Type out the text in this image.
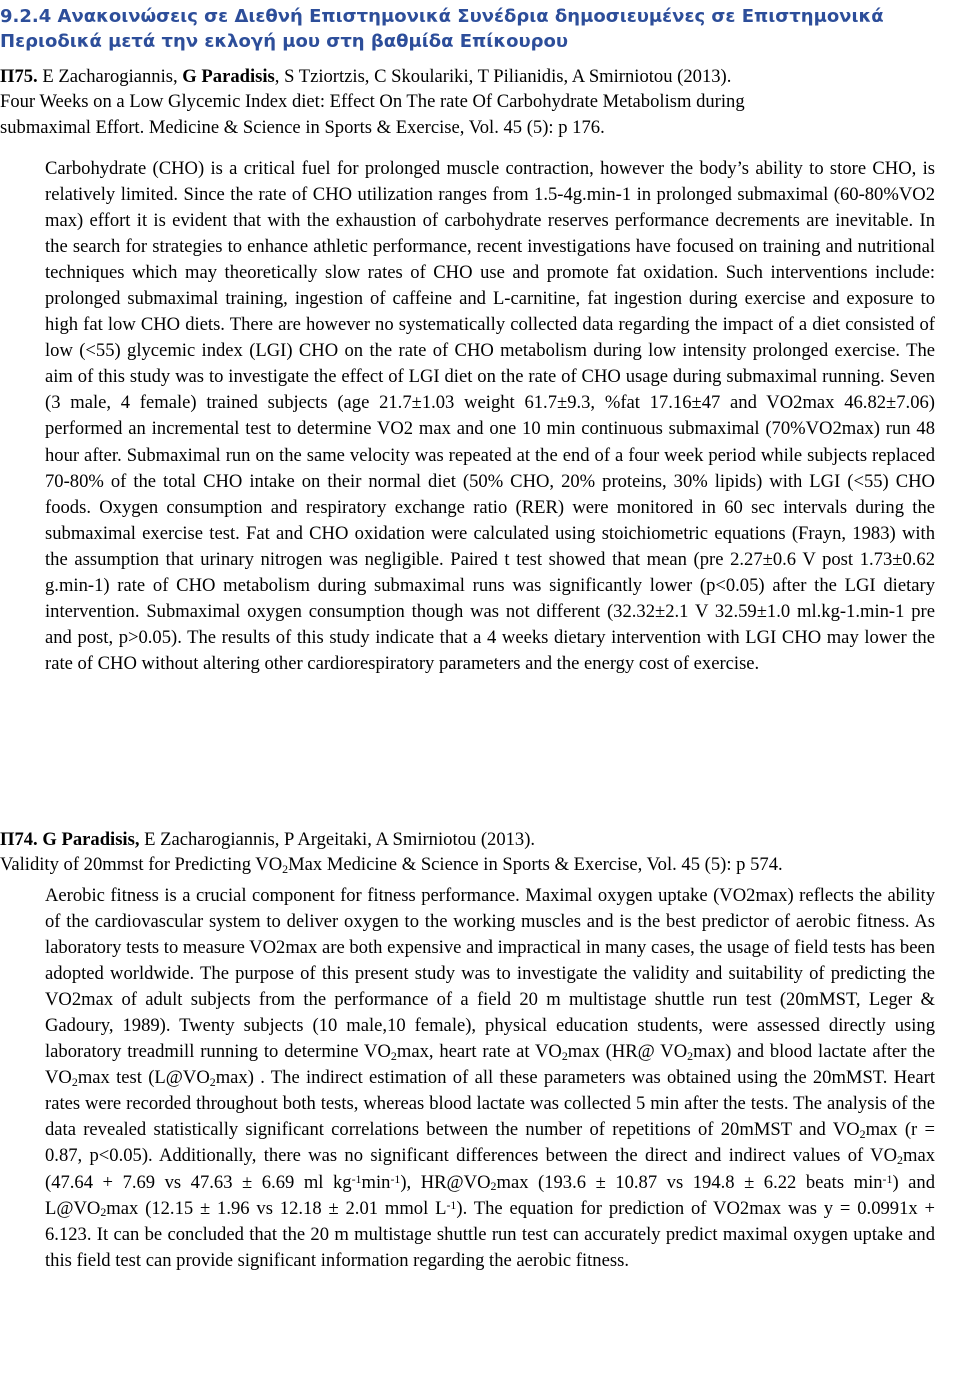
9.2.4 Ανακοινώσεις σε Διεθνή Επιστημονικά Συνέδρια δημοσιευμένες σε Επιστημονικά Περιοδικά μετά την εκλογή μου στη βαθμίδα Επίκουρου
Π75. E Zacharogiannis, G Paradisis, S Tziortzis, C Skoulariki, T Pilianidis, A Smirniotou (2013).
Four Weeks on a Low Glycemic Index diet: Effect On The rate Of Carbohydrate Metabolism during
submaximal Effort. Medicine & Science in Sports & Exercise, Vol. 45 (5): p 176.

Carbohydrate (CHO) is a critical fuel for prolonged muscle contraction, however the body’s ability to store CHO, is relatively limited. Since the rate of CHO utilization ranges from 1.5-4g.min-1 in prolonged submaximal (60-80%VO2 max) effort it is evident that with the exhaustion of carbohydrate reserves performance decrements are inevitable. In the search for strategies to enhance athletic performance, recent investigations have focused on training and nutritional techniques which may theoretically slow rates of CHO use and promote fat oxidation. Such interventions include: prolonged submaximal training, ingestion of caffeine and L-carnitine, fat ingestion during exercise and exposure to high fat low CHO diets. There are however no systematically collected data regarding the impact of a diet consisted of low (<55) glycemic index (LGI) CHO on the rate of CHO metabolism during low intensity prolonged exercise. The aim of this study was to investigate the effect of LGI diet on the rate of CHO usage during submaximal running. Seven (3 male, 4 female) trained subjects (age 21.7±1.03 weight 61.7±9.3, %fat 17.16±47 and VO2max 46.82±7.06) performed an incremental test to determine VO2 max and one 10 min continuous submaximal (70%VO2max) run 48 hour after. Submaximal run on the same velocity was repeated at the end of a four week period while subjects replaced 70-80% of the total CHO intake on their normal diet (50% CHO, 20% proteins, 30% lipids) with LGI (<55) CHO foods. Oxygen consumption and respiratory exchange ratio (RER) were monitored in 60 sec intervals during the submaximal exercise test. Fat and CHO oxidation were calculated using stoichiometric equations (Frayn, 1983) with the assumption that urinary nitrogen was negligible. Paired t test showed that mean (pre 2.27±0.6 V post 1.73±0.62 g.min-1) rate of CHO metabolism during submaximal runs was significantly lower (p<0.05) after the LGI dietary intervention. Submaximal oxygen consumption though was not different (32.32±2.1 V 32.59±1.0 ml.kg-1.min-1 pre and post, p>0.05). The results of this study indicate that a 4 weeks dietary intervention with LGI CHO may lower the rate of CHO without altering other cardiorespiratory parameters and the energy cost of exercise.

Π74. G Paradisis, E Zacharogiannis, P Argeitaki, A Smirniotou (2013).
Validity of 20mmst for Predicting $VO_2Max$ Medicine & Science in Sports & Exercise, Vol. 45 (5): p 574.

Aerobic fitness is a crucial component for fitness performance. Maximal oxygen uptake (VO2max) reflects the ability of the cardiovascular system to deliver oxygen to the working muscles and is the best predictor of aerobic fitness. As laboratory tests to measure VO2max are both expensive and impractical in many cases, the usage of field tests has been adopted worldwide. The purpose of this present study was to investigate the validity and suitability of predicting the VO2max of adult subjects from the performance of a field 20 m multistage shuttle run test (20mMST, Leger & Gadoury, 1989). Twenty subjects (10 male,10 female), physical education students, were assessed directly using laboratory treadmill running to determine $VO_2\max$, heart rate at $VO_2\max$ (HR@ $VO_2\max$) and blood lactate after the $VO_2\max$ test $(L@VO_2\max)$ . The indirect estimation of all these parameters was obtained using the 20mMST. Heart rates were recorded throughout both tests, whereas blood lactate was collected 5 min after the tests. The analysis of the data revealed statistically significant correlations between the number of repetitions of 20mMST and $VO_2\max$ (r = 0.87, p<0.05). Additionally, there was no significant differences between the direct and indirect values of $VO_2\max$ (47.64 + 7.69 vs 47.63 ± 6.69 ml $kg^{-1}\min^{-1}$), $HR@VO_2\max$ (193.6 ± 10.87 vs 194.8 ± 6.22 beats $\min^{-1}$) and $L@VO_2\max$ (12.15 ± 1.96 vs 12.18 ± 2.01 mmol $L^{-1}$). The equation for prediction of VO2max was y = 0.0991x + 6.123. It can be concluded that the 20 m multistage shuttle run test can accurately predict maximal oxygen uptake and this field test can provide significant information regarding the aerobic fitness.
